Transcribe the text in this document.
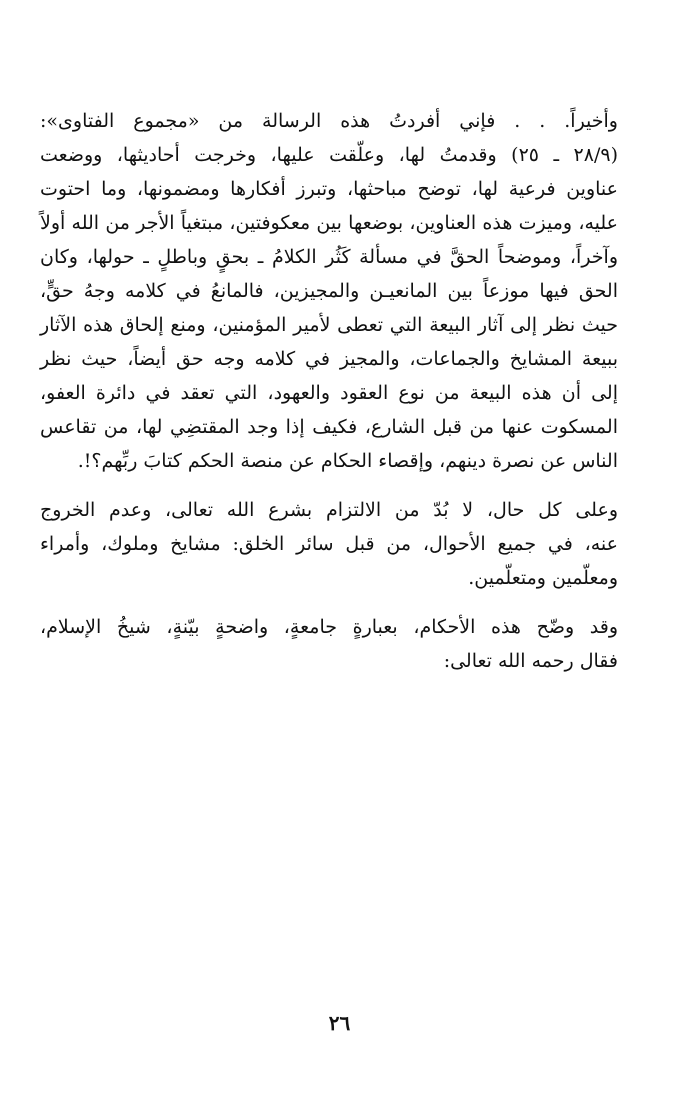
وأخيراً. . . فإني أفردتُ هذه الرسالة من «مجموع الفتاوى»:
(٢٨/٩ ـ ٢٥) وقدمتُ لها، وعلّقت عليها، وخرجت أحاديثها، ووضعت
عناوين فرعية لها، توضح مباحثها، وتبرز أفكارها ومضمونها، وما احتوت
عليه، وميزت هذه العناوين، بوضعها بين معكوفتين، مبتغياً الأجر من الله أولاً
وآخراً، وموضحاً الحقَّ في مسألة كَثُر الكلامُ ـ بحقٍ وباطلٍ ـ حولها، وكان
الحق فيها موزعاً بين المانعيـن والمجيزين، فالمانعُ في كلامه وجهُ حقٍّ،
حيث نظر إلى آثار البيعة التي تعطى لأمير المؤمنين، ومنع إلحاق هذه الآثار
ببيعة المشايخ والجماعات، والمجيز في كلامه وجه حق أيضاً، حيث نظر
إلى أن هذه البيعة من نوع العقود والعهود، التي تعقد في دائرة العفو،
المسكوت عنها من قبل الشارع، فكيف إذا وجد المقتضِي لها، من تقاعس
الناس عن نصرة دينهم، وإقصاء الحكام عن منصة الحكم كتابَ ربِّهم؟!.
وعلى كل حال، لا بُدّ من الالتزام بشرع الله تعالى، وعدم الخروج
عنه، في جميع الأحوال، من قبل سائر الخلق: مشايخ وملوك، وأمراء
ومعلّمين ومتعلّمين.
وقد وضّح هذه الأحكام، بعبارةٍ جامعةٍ، واضحةٍ بيّنةٍ، شيخُ الإسلام،
فقال رحمه الله تعالى:
٢٦
